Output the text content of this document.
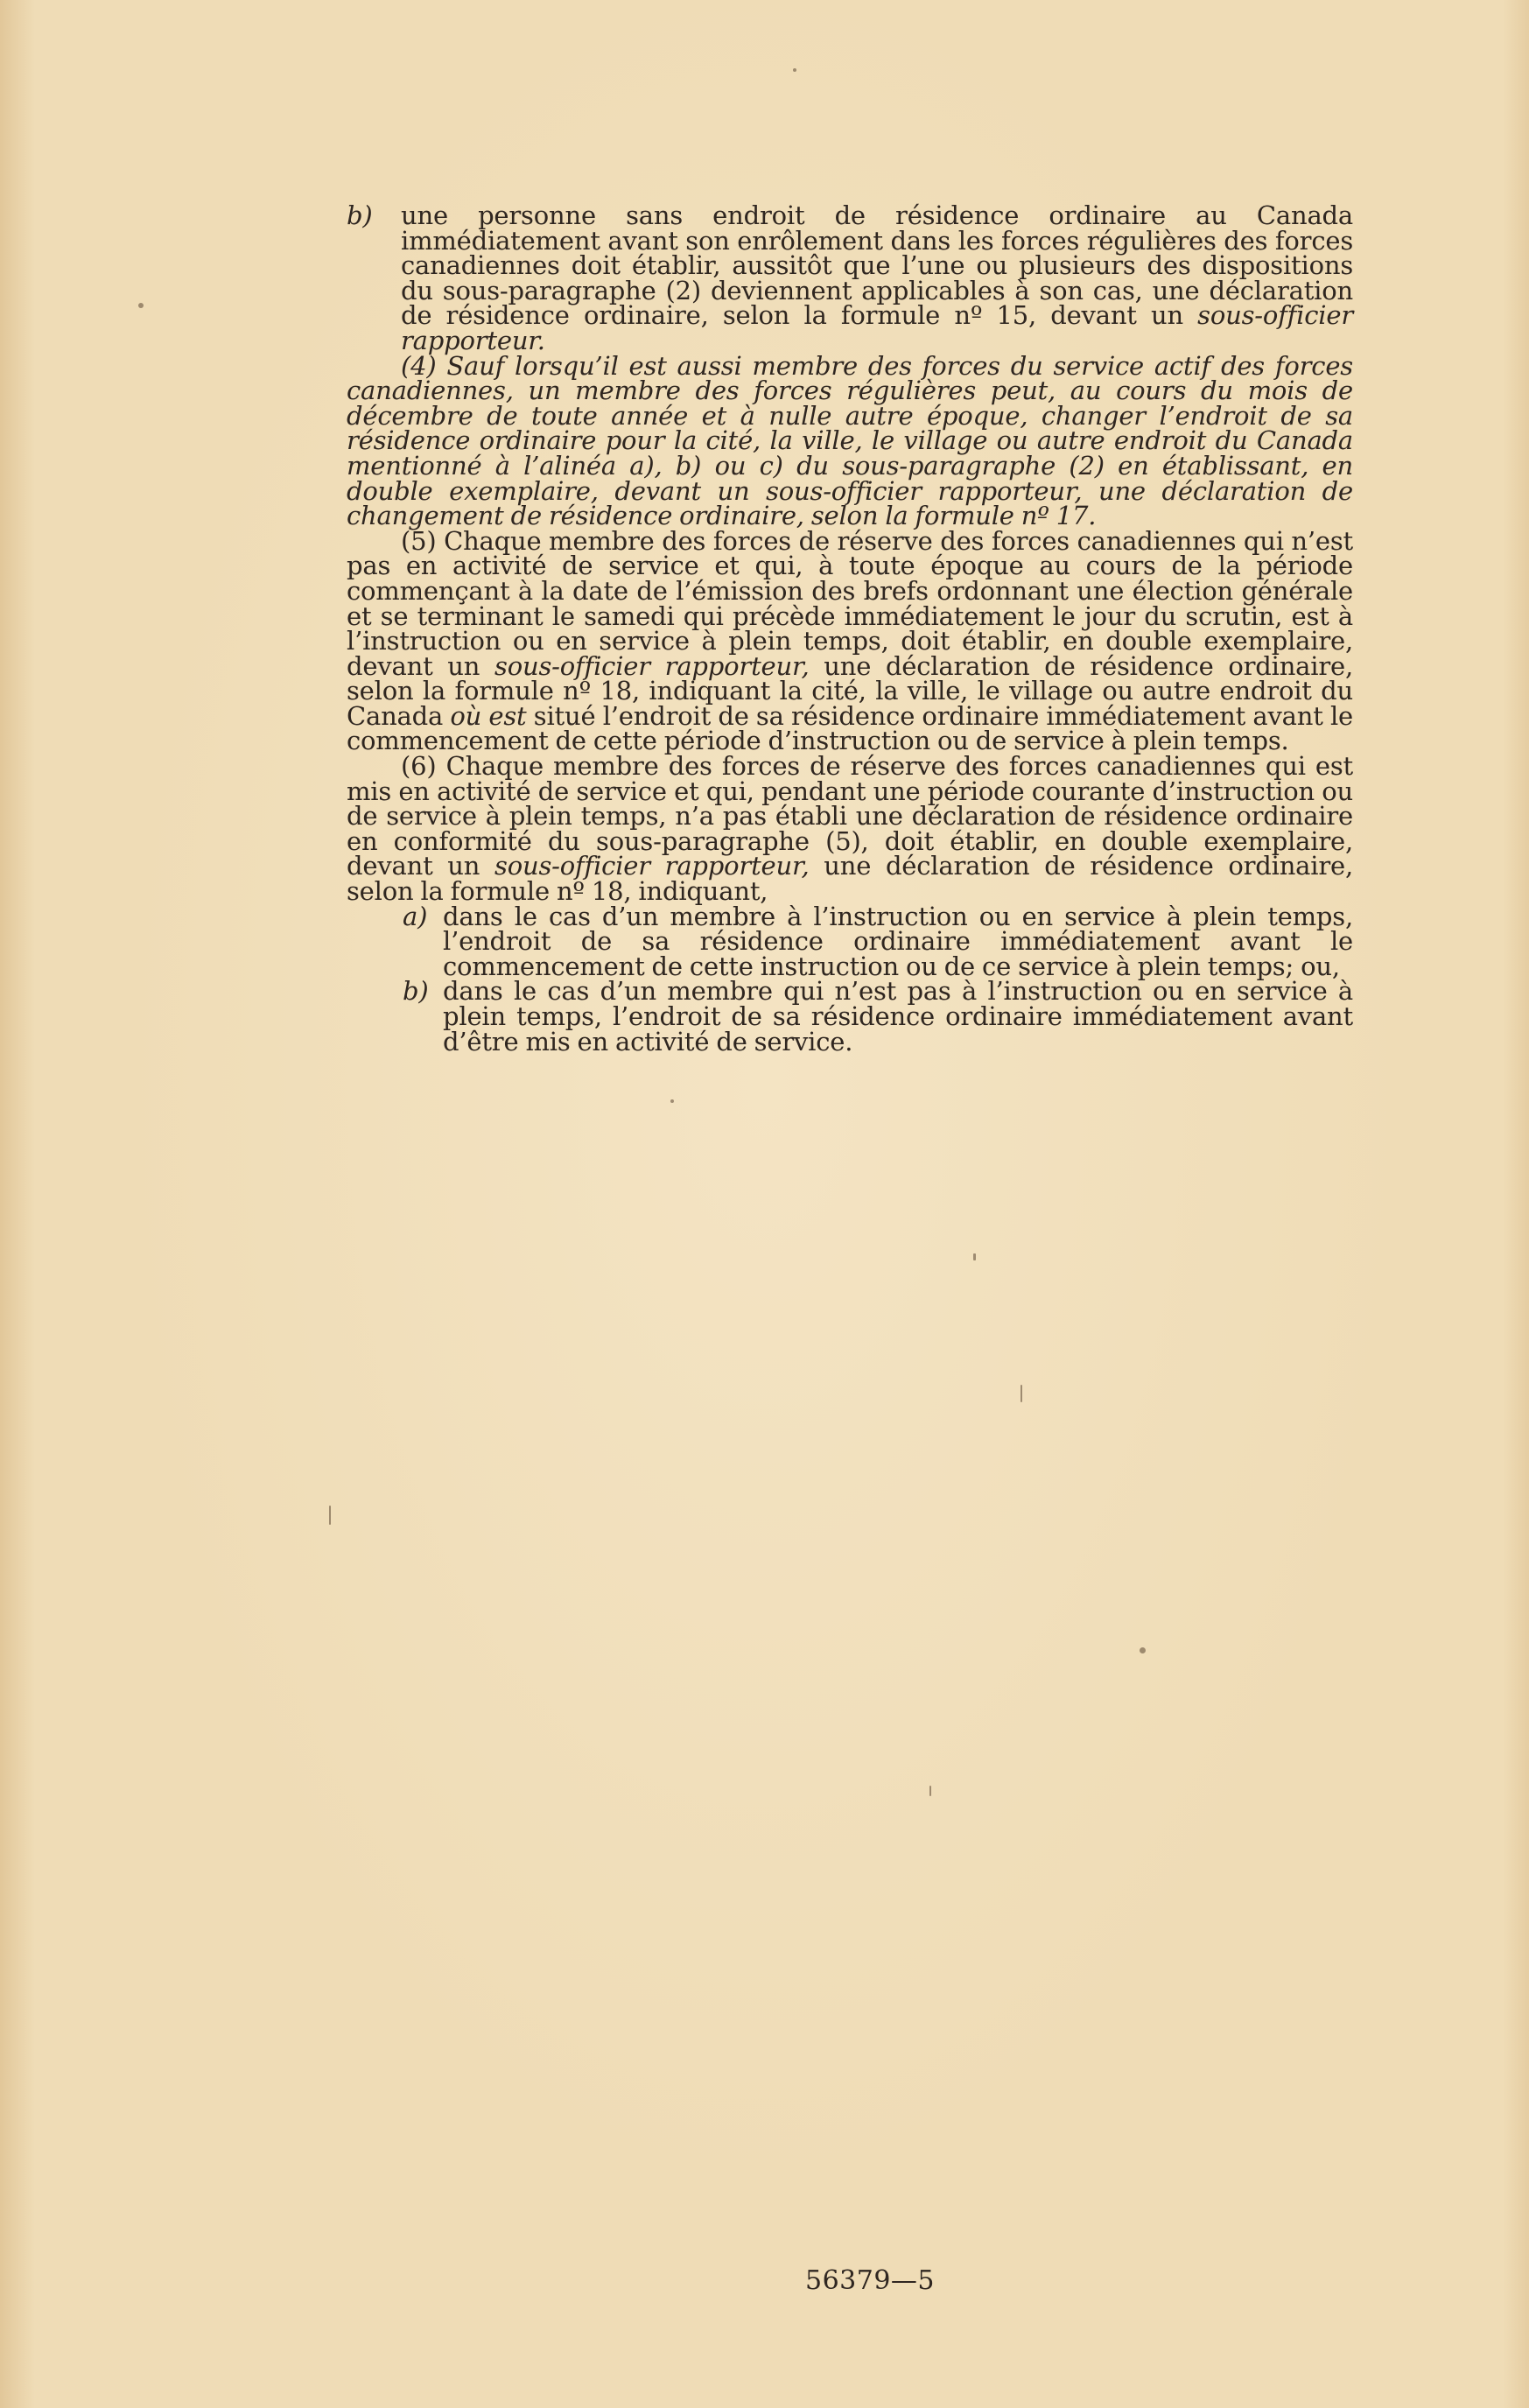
b) une personne sans endroit de résidence ordinaire au Canada immédiatement avant son enrôlement dans les forces régulières des forces canadiennes doit établir, aussitôt que l’une ou plusieurs des dispositions du sous-paragraphe (2) deviennent applicables à son cas, une déclaration de résidence ordinaire, selon la formule nº 15, devant un sous-officier rapporteur.

(4) Sauf lorsqu’il est aussi membre des forces du service actif des forces canadiennes, un membre des forces régulières peut, au cours du mois de décembre de toute année et à nulle autre époque, changer l’endroit de sa résidence ordinaire pour la cité, la ville, le village ou autre endroit du Canada mentionné à l’alinéa a), b) ou c) du sous-paragraphe (2) en établissant, en double exemplaire, devant un sous-officier rapporteur, une déclaration de changement de résidence ordinaire, selon la formule nº 17.

(5) Chaque membre des forces de réserve des forces canadiennes qui n’est pas en activité de service et qui, à toute époque au cours de la période commençant à la date de l’émission des brefs ordonnant une élection générale et se terminant le samedi qui précède immédiatement le jour du scrutin, est à l’instruction ou en service à plein temps, doit établir, en double exemplaire, devant un sous-officier rapporteur, une déclaration de résidence ordinaire, selon la formule nº 18, indiquant la cité, la ville, le village ou autre endroit du Canada où est situé l’endroit de sa résidence ordinaire immédiatement avant le commencement de cette période d’instruction ou de service à plein temps.

(6) Chaque membre des forces de réserve des forces canadiennes qui est mis en activité de service et qui, pendant une période courante d’instruction ou de service à plein temps, n’a pas établi une déclaration de résidence ordinaire en conformité du sous-paragraphe (5), doit établir, en double exemplaire, devant un sous-officier rapporteur, une déclaration de résidence ordinaire, selon la formule nº 18, indiquant,

a) dans le cas d’un membre à l’instruction ou en service à plein temps, l’endroit de sa résidence ordinaire immédiatement avant le commencement de cette instruction ou de ce service à plein temps; ou,

b) dans le cas d’un membre qui n’est pas à l’instruction ou en service à plein temps, l’endroit de sa résidence ordinaire immédiatement avant d’être mis en activité de service.

56379—5
